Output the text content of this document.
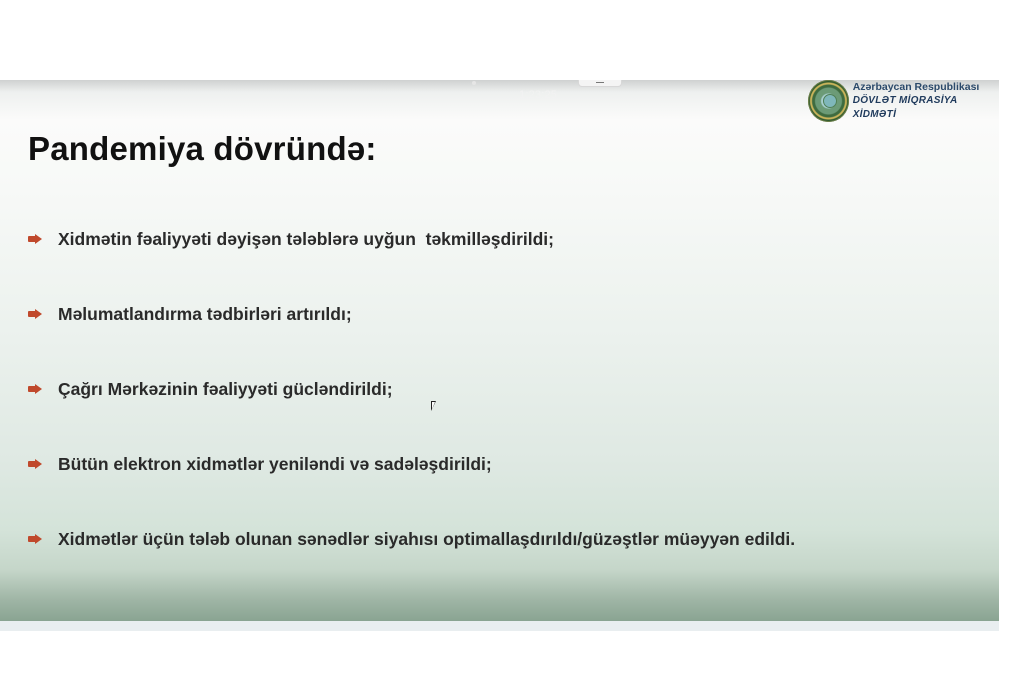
1:23:25
Azərbaycan Respublikası
DÖVLƏT MİQRASİYA XİDMƏTİ
Pandemiya dövründə:
Xidmətin fəaliyyəti dəyişən tələblərə uyğun  təkmilləşdirildi;
Məlumatlandırma tədbirləri artırıldı;
Çağrı Mərkəzinin fəaliyyəti gücləndirildi;
Bütün elektron xidmətlər yeniləndi və sadələşdirildi;
Xidmətlər üçün tələb olunan sənədlər siyahısı optimallaşdırıldı/güzəştlər müəyyən edildi.
